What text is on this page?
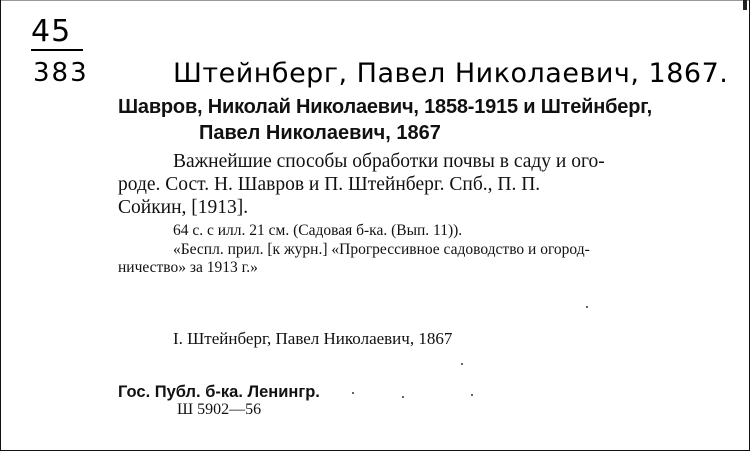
45
383	Штейнберг, Павел Николаевич, 1867.
Шавров, Николай Николаевич, 1858-1915 и Штейнберг,
Павел Николаевич, 1867
Важнейшие способы обработки почвы в саду и ого-
роде. Сост. Н. Шавров и П. Штейнберг. Спб., П. П.
Сойкин, [1913].
64 с. с илл. 21 см. (Садовая б-ка. (Вып. 11)).
«Беспл. прил. [к журн.] «Прогрессивное садоводство и огород-
ничество» за 1913 г.»
I. Штейнберг, Павел Николаевич, 1867
Гос. Публ. б-ка. Ленингр.
Ш 5902—56
